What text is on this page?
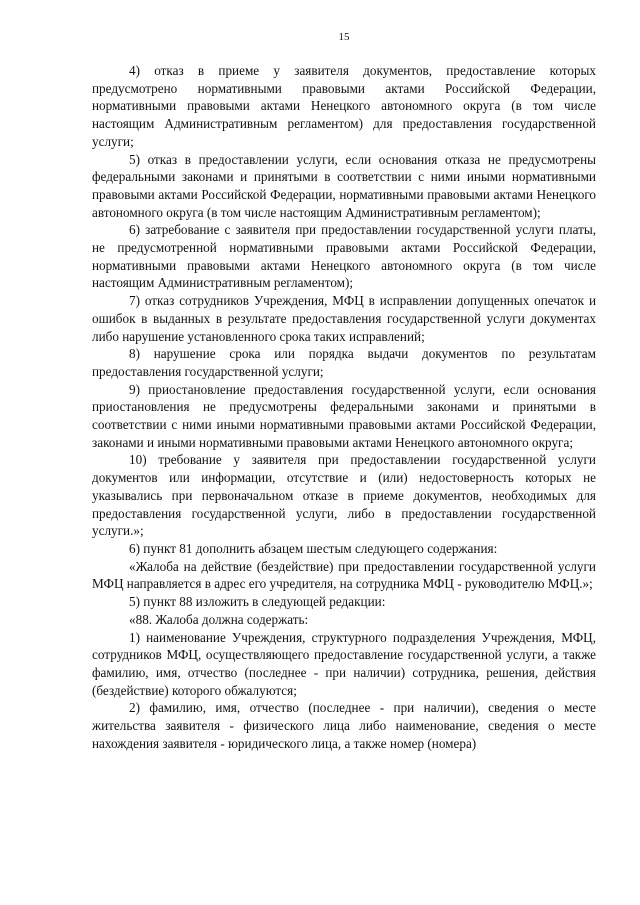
15

4) отказ в приеме у заявителя документов, предоставление которых предусмотрено нормативными правовыми актами Российской Федерации, нормативными правовыми актами Ненецкого автономного округа (в том числе настоящим Административным регламентом) для предоставления государственной услуги;

5) отказ в предоставлении услуги, если основания отказа не предусмотрены федеральными законами и принятыми в соответствии с ними иными нормативными правовыми актами Российской Федерации, нормативными правовыми актами Ненецкого автономного округа (в том числе настоящим Административным регламентом);

6) затребование с заявителя при предоставлении государственной услуги платы, не предусмотренной нормативными правовыми актами Российской Федерации, нормативными правовыми актами Ненецкого автономного округа (в том числе настоящим Административным регламентом);

7) отказ сотрудников Учреждения, МФЦ в исправлении допущенных опечаток и ошибок в выданных в результате предоставления государственной услуги документах либо нарушение установленного срока таких исправлений;

8) нарушение срока или порядка выдачи документов по результатам предоставления государственной услуги;

9) приостановление предоставления государственной услуги, если основания приостановления не предусмотрены федеральными законами и принятыми в соответствии с ними иными нормативными правовыми актами Российской Федерации, законами и иными нормативными правовыми актами Ненецкого автономного округа;

10) требование у заявителя при предоставлении государственной услуги документов или информации, отсутствие и (или) недостоверность которых не указывались при первоначальном отказе в приеме документов, необходимых для предоставления государственной услуги, либо в предоставлении государственной услуги.»;

6) пункт 81 дополнить абзацем шестым следующего содержания:

«Жалоба на действие (бездействие) при предоставлении государственной услуги МФЦ направляется в адрес его учредителя, на сотрудника МФЦ - руководителю МФЦ.»;

5) пункт 88 изложить в следующей редакции:

«88. Жалоба должна содержать:

1) наименование Учреждения, структурного подразделения Учреждения, МФЦ, сотрудников МФЦ, осуществляющего предоставление государственной услуги, а также фамилию, имя, отчество (последнее - при наличии) сотрудника, решения, действия (бездействие) которого обжалуются;

2) фамилию, имя, отчество (последнее - при наличии), сведения о месте жительства заявителя - физического лица либо наименование, сведения о месте нахождения заявителя - юридического лица, а также номер (номера)
